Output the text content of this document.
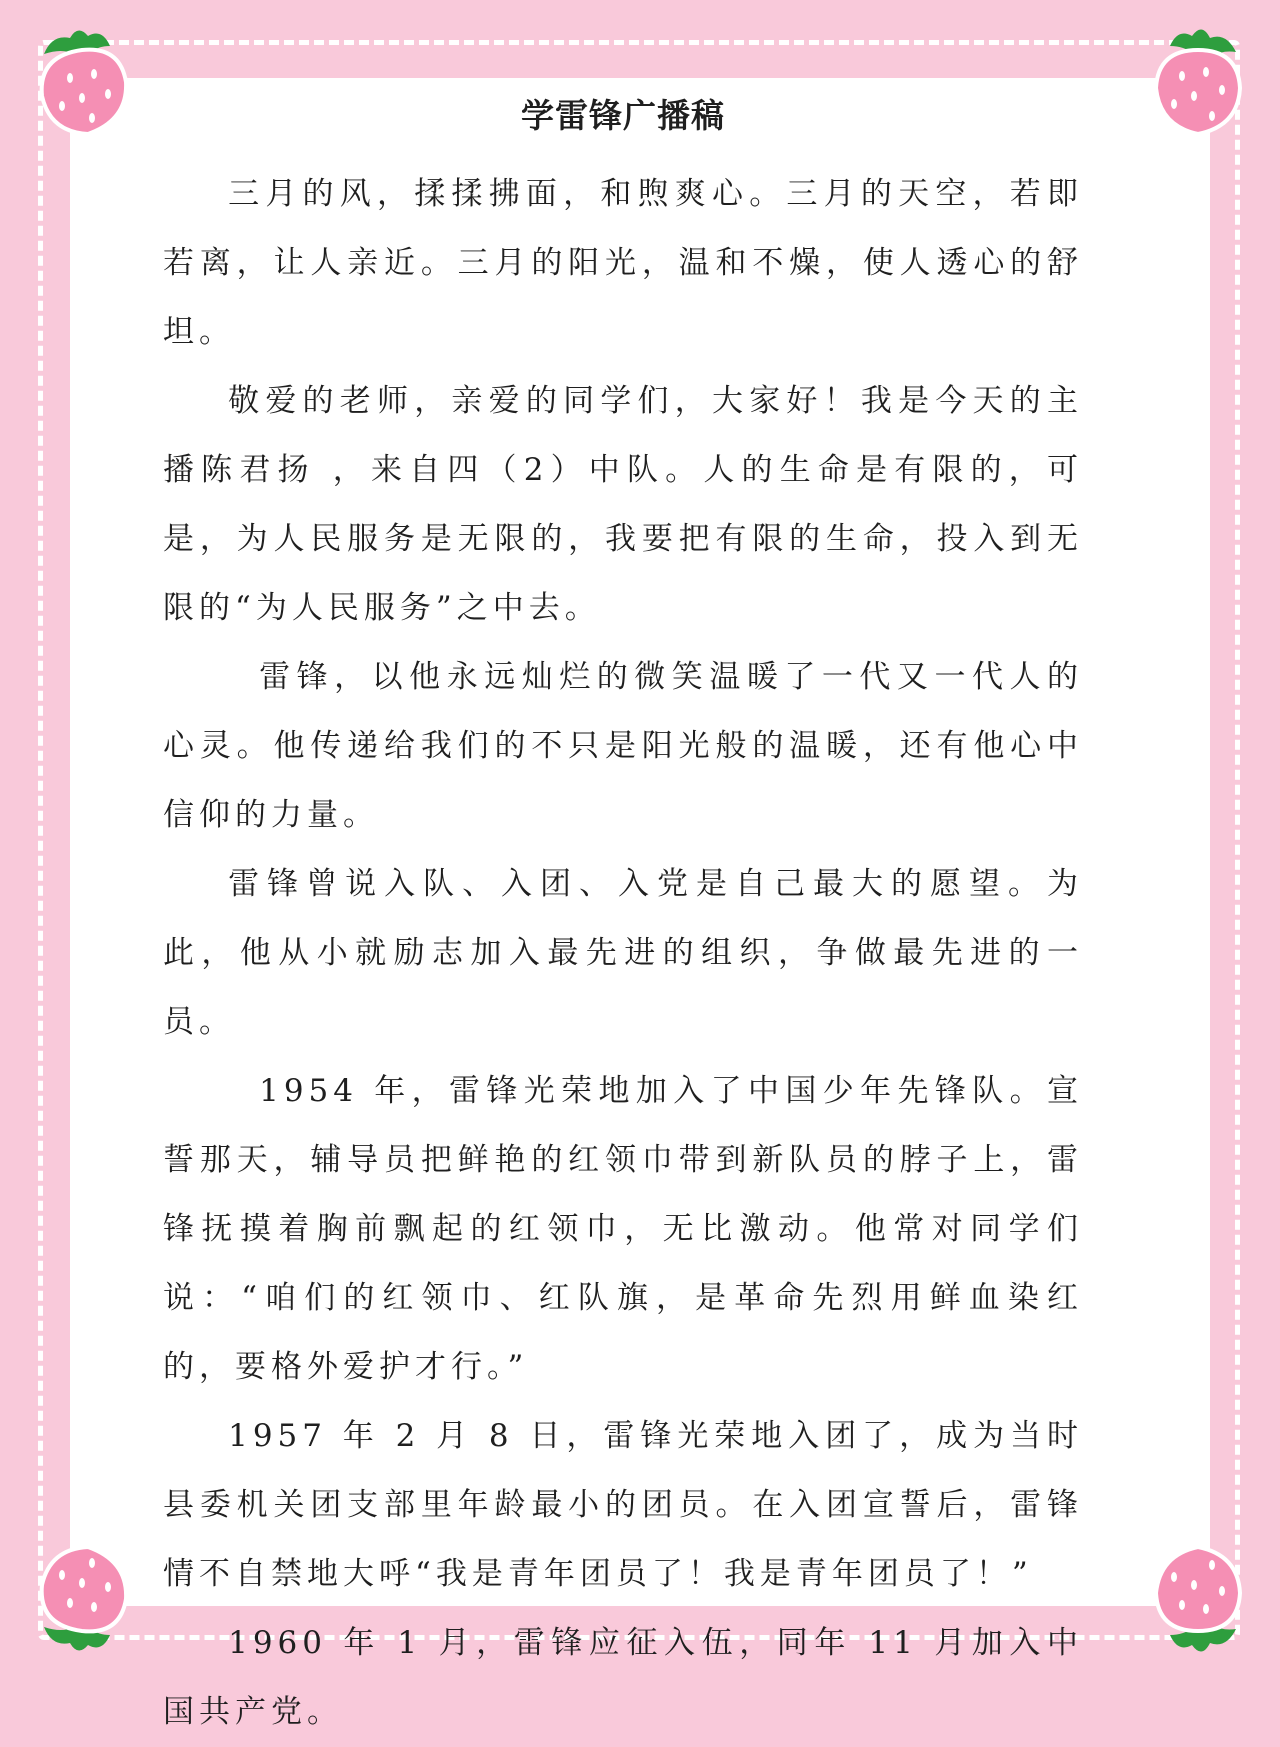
学雷锋广播稿

三月的风，揉揉拂面，和煦爽心。三月的天空，若即若离，让人亲近。三月的阳光，温和不燥，使人透心的舒坦。

敬爱的老师，亲爱的同学们，大家好！我是今天的主播陈君扬 ，来自四（2）中队。人的生命是有限的，可是，为人民服务是无限的，我要把有限的生命，投入到无限的“为人民服务”之中去。

雷锋，以他永远灿烂的微笑温暖了一代又一代人的心灵。他传递给我们的不只是阳光般的温暖，还有他心中信仰的力量。

雷锋曾说入队、入团、入党是自己最大的愿望。为此，他从小就励志加入最先进的组织，争做最先进的一员。

1954 年，雷锋光荣地加入了中国少年先锋队。宣誓那天，辅导员把鲜艳的红领巾带到新队员的脖子上，雷锋抚摸着胸前飘起的红领巾，无比激动。他常对同学们说：“咱们的红领巾、红队旗，是革命先烈用鲜血染红的，要格外爱护才行。”

1957 年 2 月 8 日，雷锋光荣地入团了，成为当时县委机关团支部里年龄最小的团员。在入团宣誓后，雷锋情不自禁地大呼“我是青年团员了！我是青年团员了！”

1960 年 1 月，雷锋应征入伍，同年 11 月加入中国共产党。
